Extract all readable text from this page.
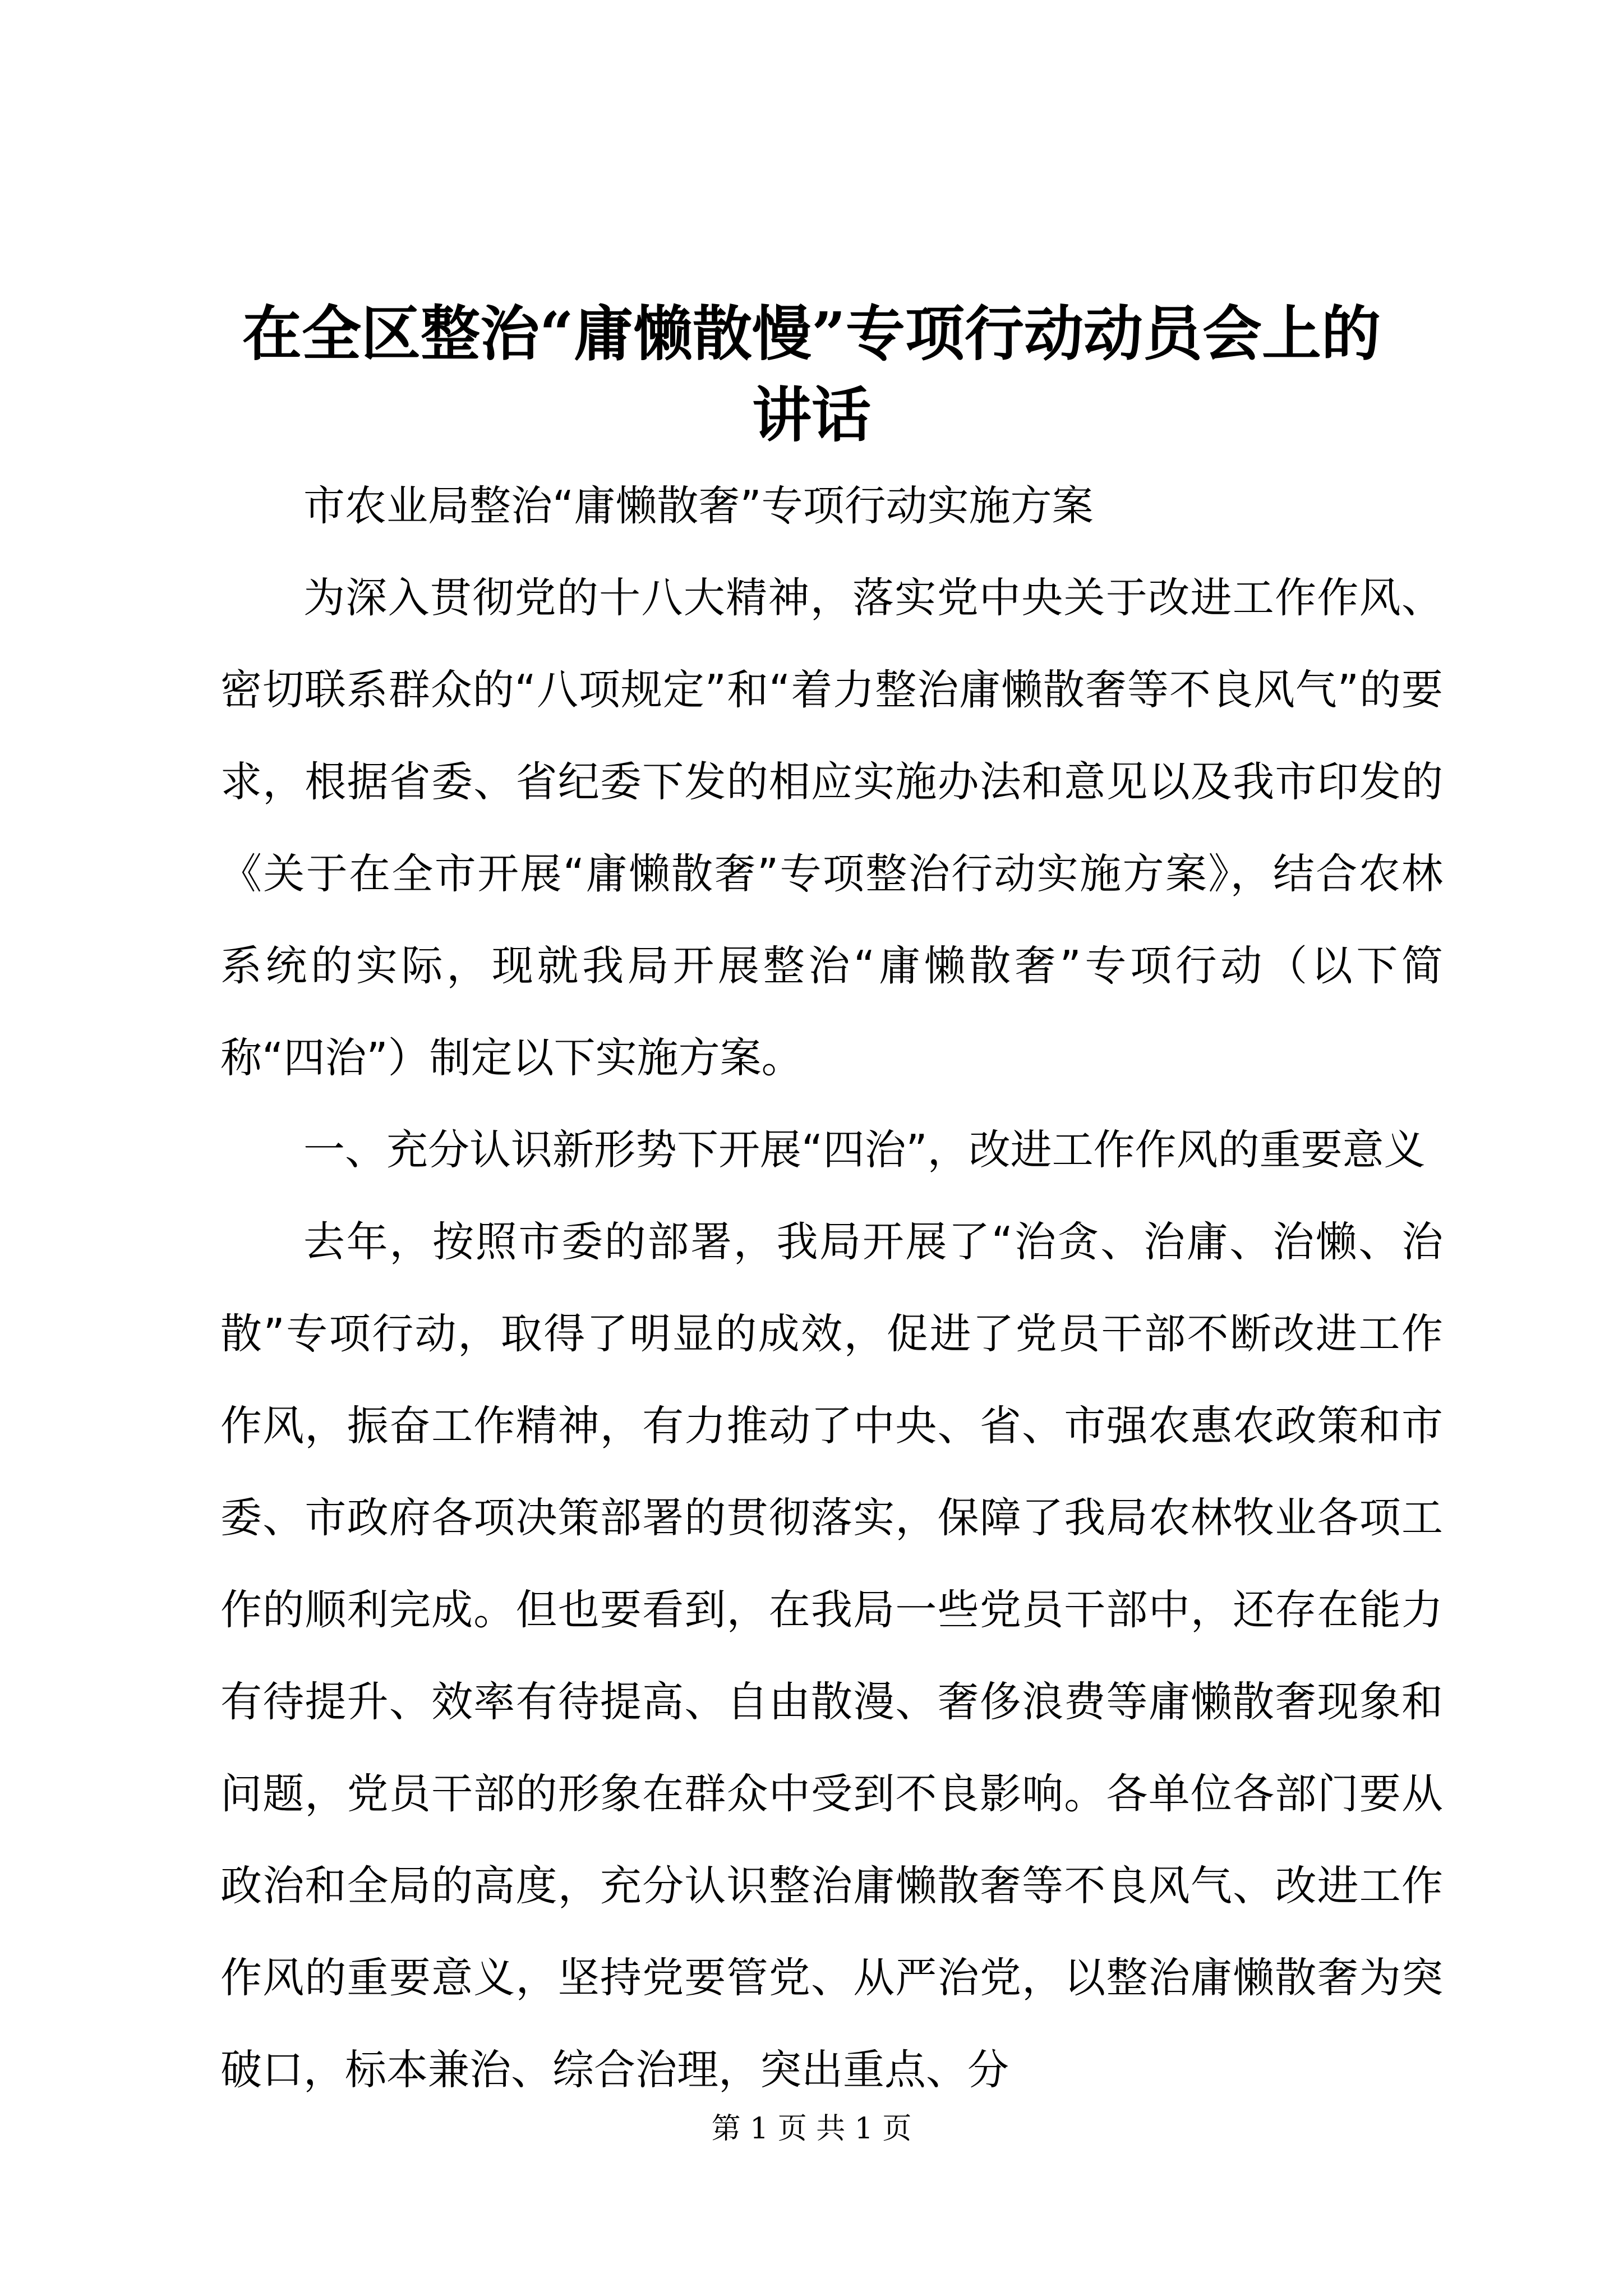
在全区整治“庸懒散慢”专项行动动员会上的
讲话

市农业局整治“庸懒散奢”专项行动实施方案

为深入贯彻党的十八大精神，落实党中央关于改进工作作风、密切联系群众的“八项规定”和“着力整治庸懒散奢等不良风气”的要求，根据省委、省纪委下发的相应实施办法和意见以及我市印发的《关于在全市开展“庸懒散奢”专项整治行动实施方案》，结合农林系统的实际，现就我局开展整治“庸懒散奢”专项行动（以下简称“四治”）制定以下实施方案。

一、充分认识新形势下开展“四治”，改进工作作风的重要意义

去年，按照市委的部署，我局开展了“治贪、治庸、治懒、治散”专项行动，取得了明显的成效，促进了党员干部不断改进工作作风，振奋工作精神，有力推动了中央、省、市强农惠农政策和市委、市政府各项决策部署的贯彻落实，保障了我局农林牧业各项工作的顺利完成。但也要看到，在我局一些党员干部中，还存在能力有待提升、效率有待提高、自由散漫、奢侈浪费等庸懒散奢现象和问题，党员干部的形象在群众中受到不良影响。各单位各部门要从政治和全局的高度，充分认识整治庸懒散奢等不良风气、改进工作作风的重要意义，坚持党要管党、从严治党，以整治庸懒散奢为突破口，标本兼治、综合治理，突出重点、分

第 1 页 共 1 页
